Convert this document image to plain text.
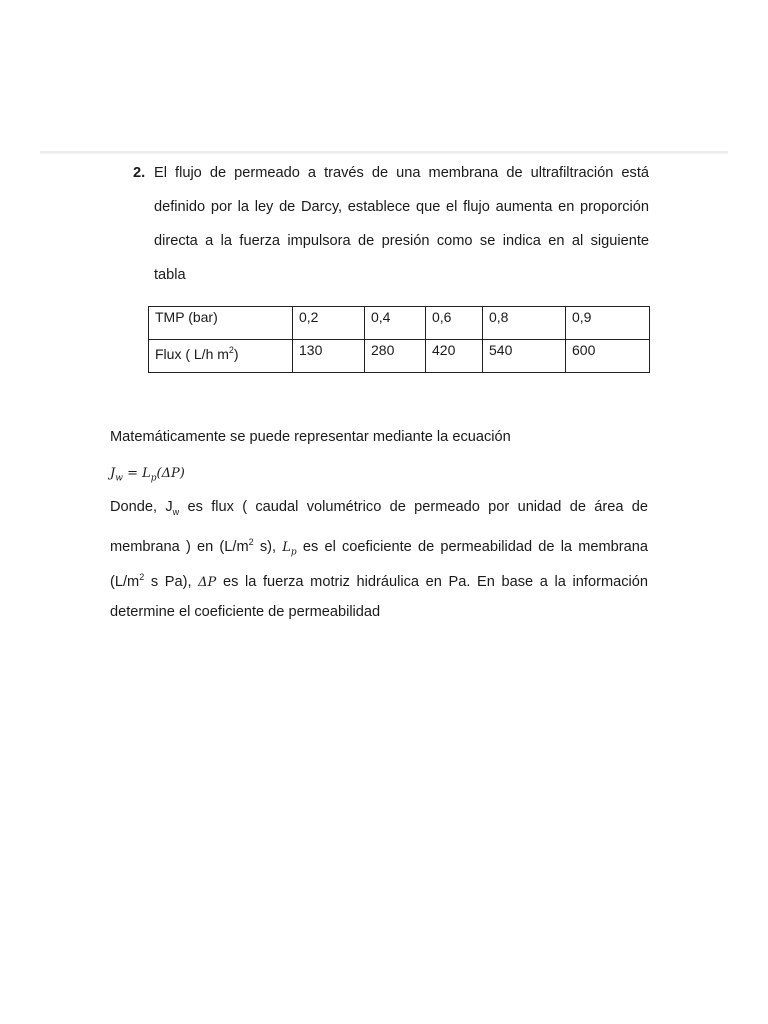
2. El flujo de permeado a través de una membrana de ultrafiltración está
definido por la ley de Darcy, establece que el flujo aumenta en proporción
directa a la fuerza impulsora de presión como se indica en al siguiente
tabla
TMP (bar)	0,2	0,4	0,6	0,8	0,9
Flux ( L/h $m^2$)	130	280	420	540	600
Matemáticamente se puede representar mediante la ecuación
$J_w = L_p(\Delta P)$
Donde, $J_w$ es flux ( caudal volumétrico de permeado por unidad de área de
membrana ) en ($L/m^2$ s), $L_p$ es el coeficiente de permeabilidad de la membrana
($L/m^2$ s Pa), ΔP es la fuerza motriz hidráulica en Pa. En base a la información
determine el coeficiente de permeabilidad
